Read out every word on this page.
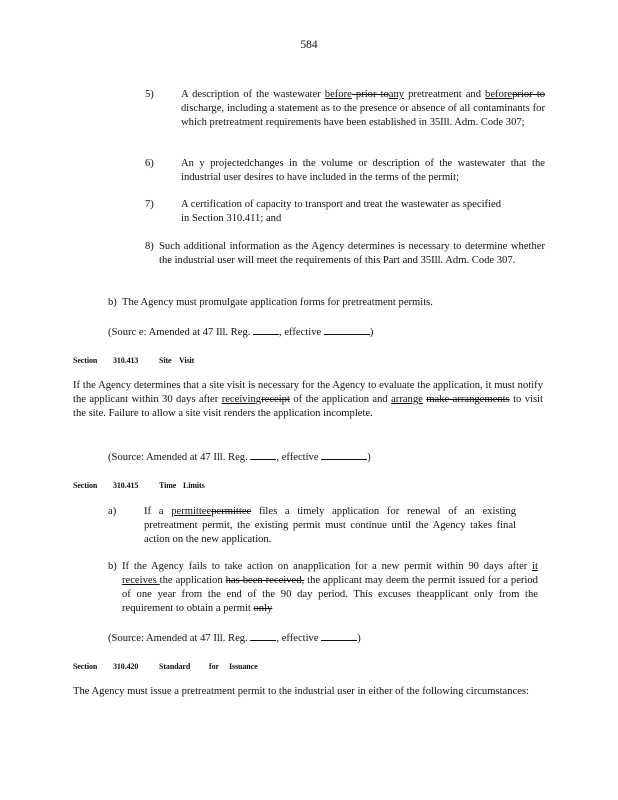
584
5)	A description of the wastewater before prior toany pretreatment and beforeprior to discharge, including a statement as to the presence or absence of all contaminants for which pretreatment requirements have been established in 35Ill. Adm. Code 307;
6)	An y projectedchanges in the volume or description of the wastewater that the industrial user desires to have included in the terms of the permit;
7)	A certification of capacity to transport and treat the wastewater as specified in Section 310.411; and
8) Such additional information as the Agency determines is necessary to determine whether the industrial user will meet the requirements of this Part and 35Ill. Adm. Code 307.
b) The Agency must promulgate application forms for pretreatment permits.
(Sourc e: Amended at 47 Ill. Reg. , effective	)
Section 310.413	Site Visit
If the Agency determines that a site visit is necessary for the Agency to evaluate the application, it must notify the applicant within 30 days after receivingreceipt of the application and arrange make arrangements to visit the site. Failure to allow a site visit renders the application incomplete.
(Source: Amended at 47 Ill. Reg. , effective	)
Section 310.415	Time Limits
a)	If a permitteepermittee files a timely application for renewal of an existing pretreatment permit, the existing permit must continue until the Agency takes final action on the new application.
b) If the Agency fails to take action on anapplication for a new permit within 90 days after it receives the application has been received, the applicant may deem the permit issued for a period of one year from the end of the 90 day period. This excuses theapplicant only from the requirement to obtain a permit only
(Source: Amended at 47 Ill. Reg. , effective	)
Section 310.420	Standard for Issuance
The Agency must issue a pretreatment permit to the industrial user in either of the following circumstances:
